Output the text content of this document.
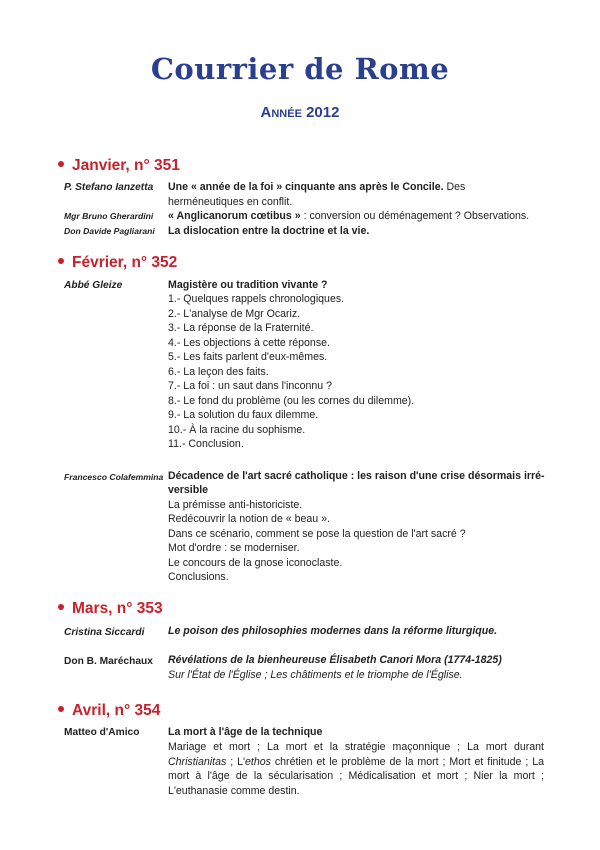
Courrier de Rome
Année 2012
Janvier, n° 351
P. Stefano Ianzetta Une « année de la foi » cinquante ans après le Concile. Des herméneutiques en conflit.
Mgr Bruno Gherardini « Anglicanorum cœtibus » : conversion ou déménagement ? Observations.
Don Davide Pagliarani La dislocation entre la doctrine et la vie.
Février, n° 352
Abbé Gleize	Magistère ou tradition vivante ?
1.- Quelques rappels chronologiques.
2.- L'analyse de Mgr Ocariz.
3.- La réponse de la Fraternité.
4.- Les objections à cette réponse.
5.- Les faits parlent d'eux-mêmes.
6.- La leçon des faits.
7.- La foi : un saut dans l'inconnu ?
8.- Le fond du problème (ou les cornes du dilemme).
9.- La solution du faux dilemme.
10.- À la racine du sophisme.
11.- Conclusion.
Francesco Colafemmina Décadence de l'art sacré catholique : les raison d'une crise désormais irré-
versible
La prémisse anti-historiciste.
Redécouvrir la notion de « beau ».
Dans ce scénario, comment se pose la question de l'art sacré ?
Mot d'ordre : se moderniser.
Le concours de la gnose iconoclaste.
Conclusions.
Mars, n° 353
Cristina Siccardi Le poison des philosophies modernes dans la réforme liturgique.
Don B. Maréchaux Révélations de la bienheureuse Élisabeth Canori Mora (1774-1825)
Sur l'État de l'Église ; Les châtiments et le triomphe de l'Église.
Avril, n° 354
Matteo d'Amico	La mort à l'âge de la technique
Mariage et mort ; La mort et la stratégie maçonnique ; La mort durant Christianitas ; L'ethos chrétien et le problème de la mort ; Mort et finitude ; La mort à l'âge de la sécularisation ; Médicalisation et mort ; Nier la mort ; L'euthanasie comme destin.
